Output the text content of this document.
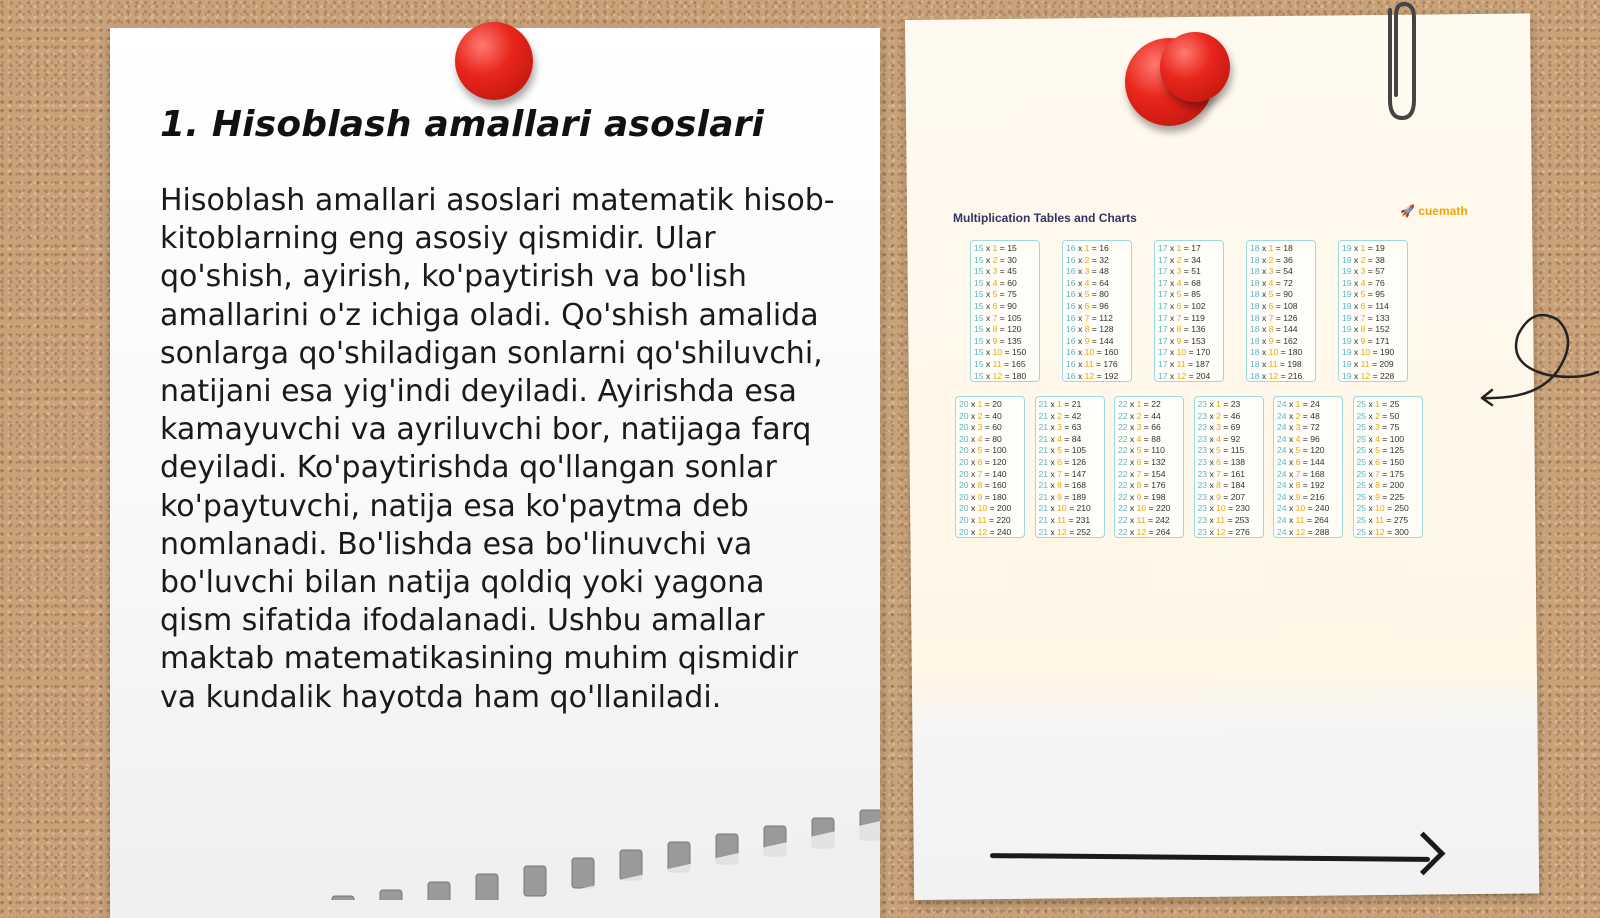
1. Hisoblash amallari asoslari

Hisoblash amallari asoslari matematik hisob-
kitoblarning eng asosiy qismidir. Ular
qo'shish, ayirish, ko'paytirish va bo'lish
amallarini o'z ichiga oladi. Qo'shish amalida
sonlarga qo'shiladigan sonlarni qo'shiluvchi,
natijani esa yig'indi deyiladi. Ayirishda esa
kamayuvchi va ayriluvchi bor, natijaga farq
deyiladi. Ko'paytirishda qo'llangan sonlar
ko'paytuvchi, natija esa ko'paytma deb
nomlanadi. Bo'lishda esa bo'linuvchi va
bo'luvchi bilan natija qoldiq yoki yagona
qism sifatida ifodalanadi. Ushbu amallar
maktab matematikasining muhim qismidir
va kundalik hayotda ham qo'llaniladi.

Multiplication Tables and Charts	🚀 cuemath
15 x 1 = 15
15 x 2 = 30
15 x 3 = 45
15 x 4 = 60
15 x 5 = 75
15 x 6 = 90
15 x 7 = 105
15 x 8 = 120
15 x 9 = 135
15 x 10 = 150
15 x 11 = 165
15 x 12 = 180
16 x 1 = 16
16 x 2 = 32
16 x 3 = 48
16 x 4 = 64
16 x 5 = 80
16 x 6 = 96
16 x 7 = 112
16 x 8 = 128
16 x 9 = 144
16 x 10 = 160
16 x 11 = 176
16 x 12 = 192
17 x 1 = 17
17 x 2 = 34
17 x 3 = 51
17 x 4 = 68
17 x 5 = 85
17 x 6 = 102
17 x 7 = 119
17 x 8 = 136
17 x 9 = 153
17 x 10 = 170
17 x 11 = 187
17 x 12 = 204
18 x 1 = 18
18 x 2 = 36
18 x 3 = 54
18 x 4 = 72
18 x 5 = 90
18 x 6 = 108
18 x 7 = 126
18 x 8 = 144
18 x 9 = 162
18 x 10 = 180
18 x 11 = 198
18 x 12 = 216
19 x 1 = 19
19 x 2 = 38
19 x 3 = 57
19 x 4 = 76
19 x 5 = 95
19 x 6 = 114
19 x 7 = 133
19 x 8 = 152
19 x 9 = 171
19 x 10 = 190
19 x 11 = 209
19 x 12 = 228
20 x 1 = 20
20 x 2 = 40
20 x 3 = 60
20 x 4 = 80
20 x 5 = 100
20 x 6 = 120
20 x 7 = 140
20 x 8 = 160
20 x 9 = 180
20 x 10 = 200
20 x 11 = 220
20 x 12 = 240
21 x 1 = 21
21 x 2 = 42
21 x 3 = 63
21 x 4 = 84
21 x 5 = 105
21 x 6 = 126
21 x 7 = 147
21 x 8 = 168
21 x 9 = 189
21 x 10 = 210
21 x 11 = 231
21 x 12 = 252
22 x 1 = 22
22 x 2 = 44
22 x 3 = 66
22 x 4 = 88
22 x 5 = 110
22 x 6 = 132
22 x 7 = 154
22 x 8 = 176
22 x 9 = 198
22 x 10 = 220
22 x 11 = 242
22 x 12 = 264
23 x 1 = 23
23 x 2 = 46
23 x 3 = 69
23 x 4 = 92
23 x 5 = 115
23 x 6 = 138
23 x 7 = 161
23 x 8 = 184
23 x 9 = 207
23 x 10 = 230
23 x 11 = 253
23 x 12 = 276
24 x 1 = 24
24 x 2 = 48
24 x 3 = 72
24 x 4 = 96
24 x 5 = 120
24 x 6 = 144
24 x 7 = 168
24 x 8 = 192
24 x 9 = 216
24 x 10 = 240
24 x 11 = 264
24 x 12 = 288
25 x 1 = 25
25 x 2 = 50
25 x 3 = 75
25 x 4 = 100
25 x 5 = 125
25 x 6 = 150
25 x 7 = 175
25 x 8 = 200
25 x 9 = 225
25 x 10 = 250
25 x 11 = 275
25 x 12 = 300
